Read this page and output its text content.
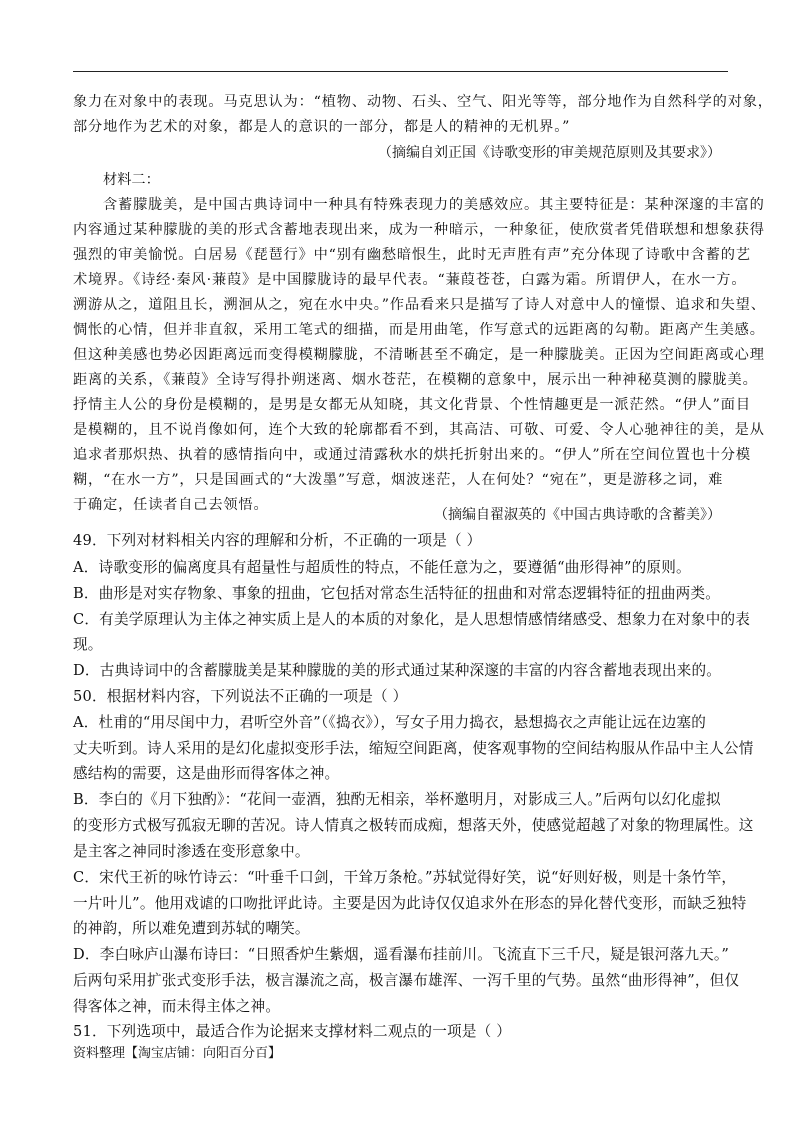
象力在对象中的表现。马克思认为：“植物、动物、石头、空气、阳光等等，部分地作为自然科学的对象，
部分地作为艺术的对象，都是人的意识的一部分，都是人的精神的无机界。”
（摘编自刘正国《诗歌变形的审美规范原则及其要求》）
材料二：
含蓄朦胧美，是中国古典诗词中一种具有特殊表现力的美感效应。其主要特征是：某种深邃的丰富的
内容通过某种朦胧的美的形式含蓄地表现出来，成为一种暗示，一种象征，使欣赏者凭借联想和想象获得
强烈的审美愉悦。白居易《琵琶行》中“别有幽愁暗恨生，此时无声胜有声”充分体现了诗歌中含蓄的艺
术境界。《诗经·秦风·蒹葭》是中国朦胧诗的最早代表。“蒹葭苍苍，白露为霜。所谓伊人，在水一方。
溯游从之，道阻且长，溯洄从之，宛在水中央。”作品看来只是描写了诗人对意中人的憧憬、追求和失望、
惆怅的心情，但并非直叙，采用工笔式的细描，而是用曲笔，作写意式的远距离的勾勒。距离产生美感。
但这种美感也势必因距离远而变得模糊朦胧，不清晰甚至不确定，是一种朦胧美。正因为空间距离或心理
距离的关系，《蒹葭》全诗写得扑朔迷离、烟水苍茫，在模糊的意象中，展示出一种神秘莫测的朦胧美。
抒情主人公的身份是模糊的，是男是女都无从知晓，其文化背景、个性情趣更是一派茫然。“伊人”面目
是模糊的，且不说肖像如何，连个大致的轮廓都看不到，其高洁、可敬、可爱、令人心驰神往的美，是从
追求者那炽热、执着的感情指向中，或通过清露秋水的烘托折射出来的。“伊人”所在空间位置也十分模
糊，“在水一方”，只是国画式的“大泼墨”写意，烟波迷茫，人在何处？“宛在”，更是游移之词，难
于确定，任读者自己去领悟。
（摘编自翟淑英的《中国古典诗歌的含蓄美》）
49．下列对材料相关内容的理解和分析，不正确的一项是（ ）
A．诗歌变形的偏离度具有超量性与超质性的特点，不能任意为之，要遵循“曲形得神”的原则。
B．曲形是对实存物象、事象的扭曲，它包括对常态生活特征的扭曲和对常态逻辑特征的扭曲两类。
C．有美学原理认为主体之神实质上是人的本质的对象化，是人思想情感情绪感受、想象力在对象中的表
现。
D．古典诗词中的含蓄朦胧美是某种朦胧的美的形式通过某种深邃的丰富的内容含蓄地表现出来的。
50．根据材料内容，下列说法不正确的一项是（ ）
A．杜甫的“用尽闺中力，君听空外音”（《捣衣》），写女子用力捣衣，悬想捣衣之声能让远在边塞的
丈夫听到。诗人采用的是幻化虚拟变形手法，缩短空间距离，使客观事物的空间结构服从作品中主人公情
感结构的需要，这是曲形而得客体之神。
B．李白的《月下独酌》：“花间一壶酒，独酌无相亲，举杯邀明月，对影成三人。”后两句以幻化虚拟
的变形方式极写孤寂无聊的苦况。诗人情真之极转而成痴，想落天外，使感觉超越了对象的物理属性。这
是主客之神同时渗透在变形意象中。
C．宋代王祈的咏竹诗云：“叶垂千口剑，干耸万条枪。”苏轼觉得好笑，说“好则好极，则是十条竹竿，
一片叶儿”。他用戏谑的口吻批评此诗。主要是因为此诗仅仅追求外在形态的异化替代变形，而缺乏独特
的神韵，所以难免遭到苏轼的嘲笑。
D．李白咏庐山瀑布诗曰：“日照香炉生紫烟，遥看瀑布挂前川。飞流直下三千尺，疑是银河落九天。”
后两句采用扩张式变形手法，极言瀑流之高，极言瀑布雄浑、一泻千里的气势。虽然“曲形得神”，但仅
得客体之神，而未得主体之神。
51．下列选项中，最适合作为论据来支撑材料二观点的一项是（ ）
资料整理【淘宝店铺：向阳百分百】
